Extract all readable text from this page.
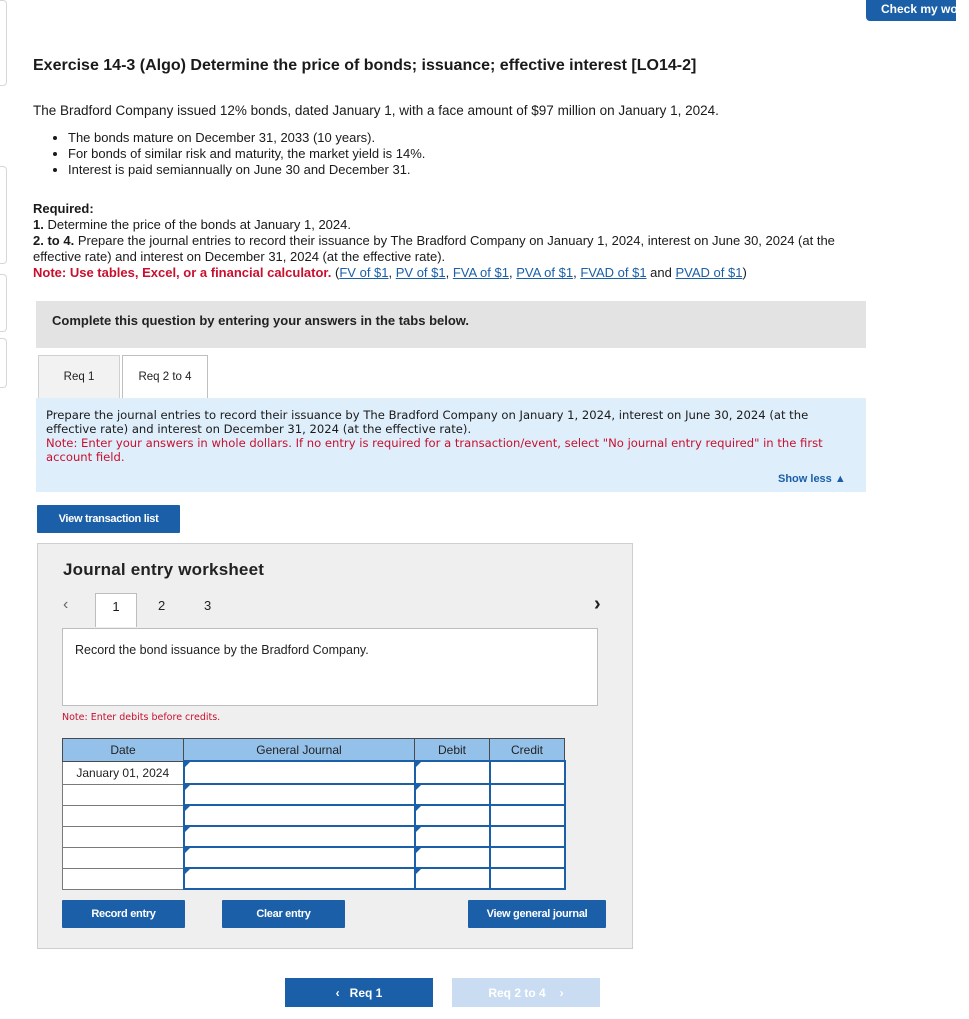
Check my work
Exercise 14-3 (Algo) Determine the price of bonds; issuance; effective interest [LO14-2]
The Bradford Company issued 12% bonds, dated January 1, with a face amount of $97 million on January 1, 2024.
• The bonds mature on December 31, 2033 (10 years).
• For bonds of similar risk and maturity, the market yield is 14%.
• Interest is paid semiannually on June 30 and December 31.
Required:
1. Determine the price of the bonds at January 1, 2024.
2. to 4. Prepare the journal entries to record their issuance by The Bradford Company on January 1, 2024, interest on June 30, 2024 (at the effective rate) and interest on December 31, 2024 (at the effective rate).
Note: Use tables, Excel, or a financial calculator. (FV of $1, PV of $1, FVA of $1, PVA of $1, FVAD of $1 and PVAD of $1)
Complete this question by entering your answers in the tabs below.
Req 1	Req 2 to 4
Prepare the journal entries to record their issuance by The Bradford Company on January 1, 2024, interest on June 30, 2024 (at the effective rate) and interest on December 31, 2024 (at the effective rate).
Note: Enter your answers in whole dollars. If no entry is required for a transaction/event, select "No journal entry required" in the first account field.
Show less ▲
View transaction list
Journal entry worksheet
‹	1	2	3	›
Record the bond issuance by the Bradford Company.
Note: Enter debits before credits.
Date	General Journal	Debit	Credit
January 01, 2024	

Record entry	Clear entry	View general journal
‹ Req 1	Req 2 to 4 ›
